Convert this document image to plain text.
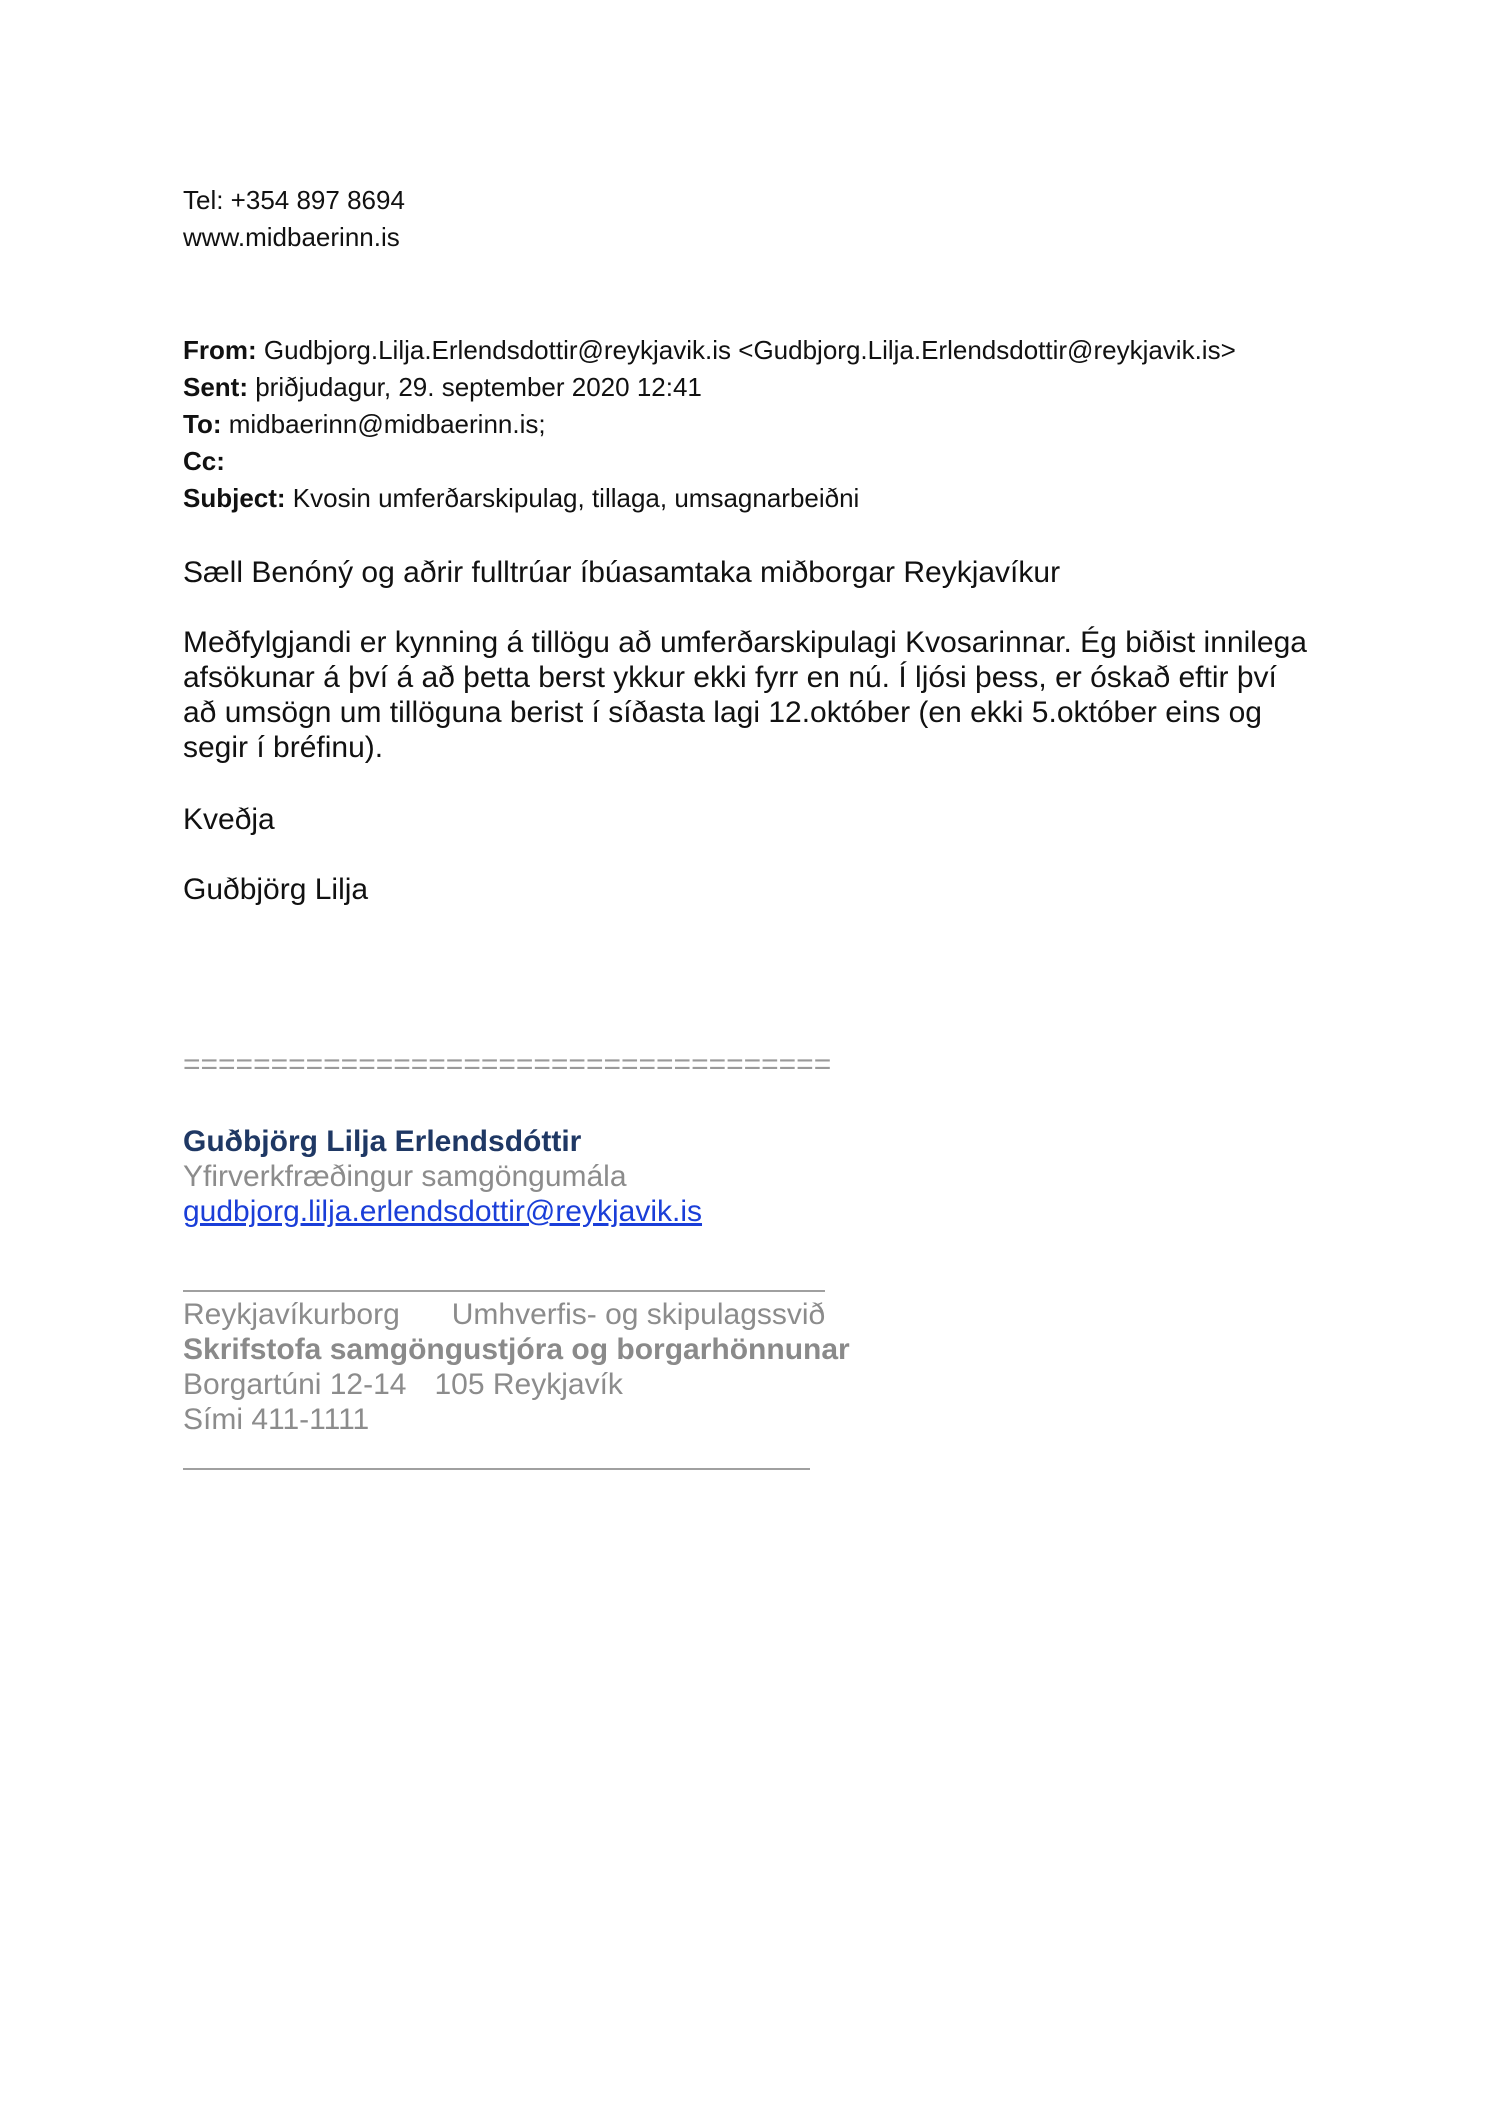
Tel: +354 897 8694
www.midbaerinn.is
From: Gudbjorg.Lilja.Erlendsdottir@reykjavik.is <Gudbjorg.Lilja.Erlendsdottir@reykjavik.is>
Sent: þriðjudagur, 29. september 2020 12:41
To: midbaerinn@midbaerinn.is;
Cc:
Subject: Kvosin umferðarskipulag, tillaga, umsagnarbeiðni
Sæll Benóný og aðrir fulltrúar íbúasamtaka miðborgar Reykjavíkur
Meðfylgjandi er kynning á tillögu að umferðarskipulagi Kvosarinnar. Ég biðist innilega
afsökunar á því á að þetta berst ykkur ekki fyrr en nú. Í ljósi þess, er óskað eftir því
að umsögn um tillöguna berist í síðasta lagi 12.október (en ekki 5.október eins og
segir í bréfinu).
Kveðja
Guðbjörg Lilja
=====================================
Guðbjörg Lilja Erlendsdóttir
Yfirverkfræðingur samgöngumála
gudbjorg.lilja.erlendsdottir@reykjavik.is
Reykjavíkurborg Umhverfis- og skipulagssvið
Skrifstofa samgöngustjóra og borgarhönnunar
Borgartúni 12-14 105 Reykjavík
Sími 411-1111
